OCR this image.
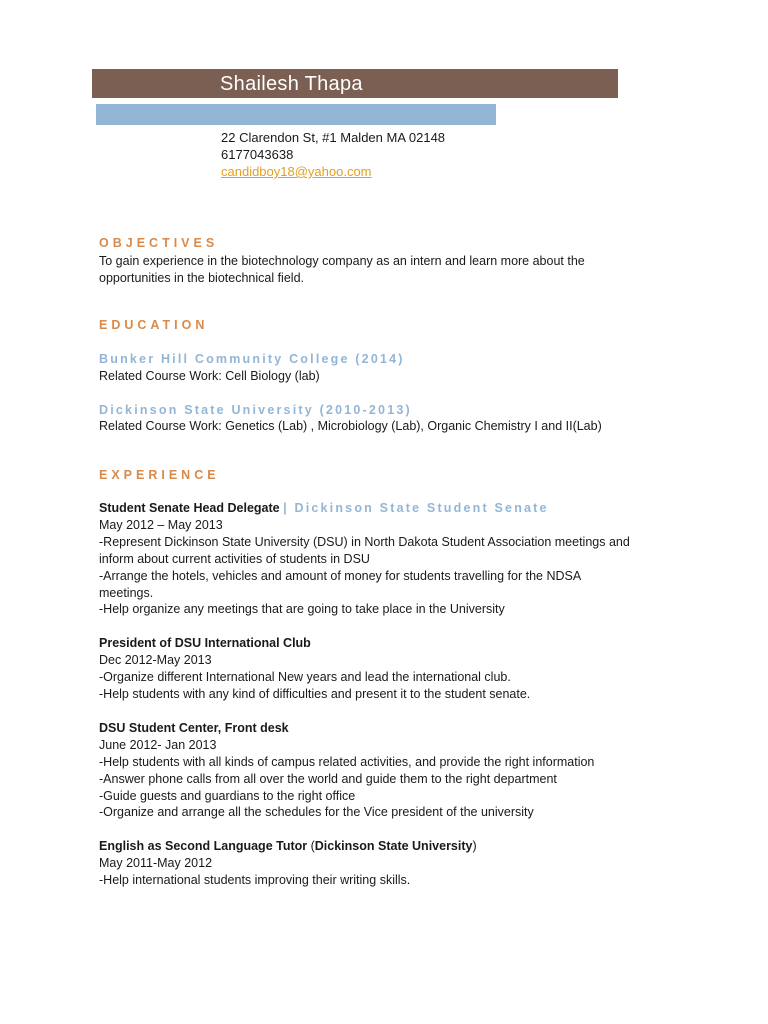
Shailesh Thapa
22 Clarendon St, #1 Malden MA 02148
6177043638
candidboy18@yahoo.com
OBJECTIVES
To gain experience in the biotechnology company as an intern and learn more about the
opportunities in the biotechnical field.
EDUCATION
Bunker Hill Community College (2014)
Related Course Work: Cell Biology (lab)
Dickinson State University (2010-2013)
Related Course Work: Genetics (Lab) , Microbiology (Lab), Organic Chemistry I and II(Lab)
EXPERIENCE
Student Senate Head Delegate | Dickinson State Student Senate
May 2012 – May 2013
-Represent Dickinson State University (DSU) in North Dakota Student Association meetings and
inform about current activities of students in DSU
-Arrange the hotels, vehicles and amount of money for students travelling for the NDSA
meetings.
-Help organize any meetings that are going to take place in the University
President of DSU International Club
Dec 2012-May 2013
-Organize different International New years and lead the international club.
-Help students with any kind of difficulties and present it to the student senate.
DSU Student Center, Front desk
June 2012- Jan 2013
-Help students with all kinds of campus related activities, and provide the right information
-Answer phone calls from all over the world and guide them to the right department
-Guide guests and guardians to the right office
-Organize and arrange all the schedules for the Vice president of the university
English as Second Language Tutor (Dickinson State University)
May 2011-May 2012
-Help international students improving their writing skills.
